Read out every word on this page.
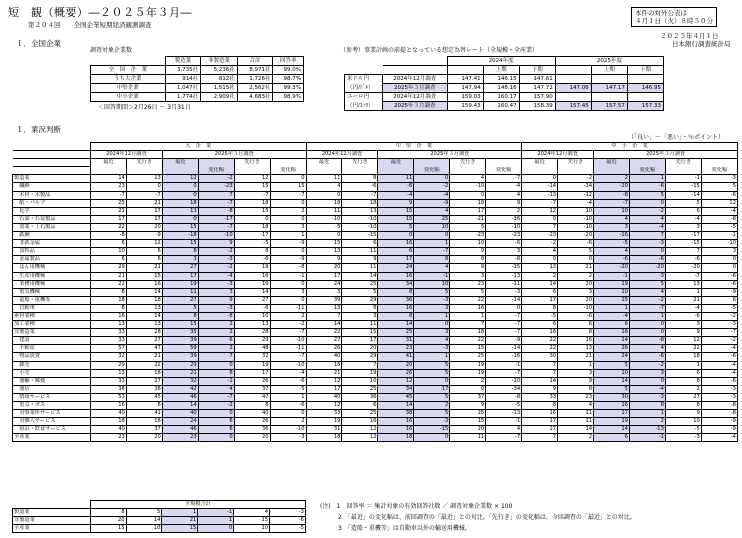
短　観（概要）―２０２５年３月―
第２０４回　　全国企業短期経済観測調査
本件の対外公表は
４月１日（火）８時５０分
２０２５年４月１日
日本銀行調査統計局
Ｉ．全国企業
調査対象企業数
	製造業	非製造業	合計	回答率
全　国　企　業	3,735社	5,236社	8,971社	99.0%
うち大企業	914社	812社	1,726社	98.7%
中堅企業	1,047社	1,515社	2,562社	99.3%
中小企業	1,774社	2,909社	4,683社	98.9%
＜回答期間＞2月26日 ～ 3月31日
（参考）事業計画の前提となっている想定為替レート（全規模・全産業）
		2024年度			2025年度		
			上期	下期		上期	下期
米ドル円	2024年12月調査	147.41	146.15	147.61			
（円/ﾄﾞﾙ）	2025年３月調査	147.94	148.16	147.72	147.06	147.17	146.95
ユーロ円	2024年12月調査	159.03	160.17	157.90			
（円/ﾕｰﾛ）	2025年３月調査	159.43	160.47	158.39	157.45	157.57	157.33
１．業況判断
（「良い」－「悪い」・％ポイント）
	大　企　業						中　堅　企　業						中　小　企　業					
	2024年12月調査		2025年３月調査				2024年12月調査		2025年３月調査				2024年12月調査		2025年３月調査			
	最近	先行き	最近		先行き		最近	先行き	最近		先行き		最近	先行き	最近		先行き	
				変化幅		変化幅				変化幅		変化幅				変化幅		変化幅
製造業	14	13	12	-2	12	0	11	8	11	0	4	-7	0	-2	2	1	-1	-3
　繊維	23	0	0	-23	15	15	4	-6	-6	-2	-10	-4	-14	-14	-20	-6	-15	5
　木材・木製品	-7	-7	0	7	-7	-7	0	-7	-4	-4	0	4	-13	-12	-8	5	-14	-6
　紙・パルプ	25	21	18	-7	18	0	18	18	9	-9	18	9	-7	-4	-7	0	5	12
　化学	21	17	13	-8	15	2	11	13	15	4	17	2	12	10	10	-2	6	-4
　石油・石炭製品	17	17	0	-17	0	0	-10	-10	15	25	-21	-36	0	-10	4	4	-4	-8
　窯業・土石製品	22	20	15	-7	18	3	-5	-10	5	10	5	-10	7	-10	3	-4	3	-5
　鉄鋼	-8	-9	-18	-10	-17	1	0	-15	0	0	-23	-23	-23	-20	-16	7	-17	-1
　非鉄金属	6	12	15	9	-5	-9	15	6	16	1	10	-6	-2	-6	-5	-3	-15	-10
　食料品	10	6	8	-2	8	0	13	11	6	-7	9	3	4	5	4	0	7	3
　金属製品	6	6	3	-3	-6	-9	9	9	17	8	8	-8	0	0	-6	-6	-6	0
　はん用機械	29	21	27	-2	19	-8	20	11	24	4	9	-15	13	21	-20	-20	-20	0
　生産用機械	21	15	17	-4	16	-1	17	14	16	-1	3	-13	2	2	-1	-3	-7	-6
　業務用機械	22	16	19	-3	19	0	24	25	34	10	23	-11	14	20	19	5	13	-6
　電気機械	8	14	11	3	14	3	3	5	8	5	5	-3	6	3	10	4	1	-9
　造船・重機等	18	18	27	9	27	0	39	29	36	-3	22	-14	17	20	15	-2	21	6
　自動車	8	13	5	-3	-6	-11	13	8	16	3	16	0	8	-10	1	-7	-4	-5
素材業種	16	14	8	-8	10	2	7	3	8	1	1	-7	-5	-6	-4	1	-6	-2
加工業種	13	13	15	2	13	-2	14	11	14	0	7	-7	6	6	6	0	3	-3
非製造業	33	28	35	2	28	-7	22	15	25	3	18	-7	16	8	16	0	9	-7
　建設	33	27	39	6	29	-10	27	17	31	4	22	-9	22	16	14	-8	12	-2
　不動産	57	47	59	2	48	-11	26	20	23	-3	15	-14	22	13	26	4	22	-4
　物品賃貸	32	21	39	7	32	-7	40	29	41	1	25	-16	30	21	24	-6	18	-6
　卸売	29	22	29	0	19	-10	15	7	20	5	19	-1	7	1	5	-2	1	-4
　小売	13	18	21	8	17	-4	21	19	26	5	19	-7	7	3	10	3	6	-4
　運輸・郵便	33	27	32	-1	26	-6	12	10	12	0	2	-10	14	9	14	0	8	-6
　通信	38	38	42	4	37	-5	17	25	34	17	0	-34	9	8	5	-4	2	-3
　情報サービス	53	45	46	-7	47	1	40	36	45	5	37	-8	33	23	30	-3	27	-3
　電気・ガス	16	8	14	-2	8	-6	12	6	14	2	9	-5	8	4	16	8	8	-8
　対事業所サービス	40	41	40	0	40	0	33	25	38	5	25	-13	16	11	17	1	9	-8
　対個人サービス	18	18	24	6	26	2	19	16	16	-3	15	-1	17	11	19	2	10	-9
　宿泊・飲食サービス	40	37	46	6	36	-10	31	12	16	-15	20	4	27	14	14	-13	-5	-9
全産業	23	20	23	0	20	-3	18	12	18	0	11	-7	7	2	6	-1	-3	-4
	全規模合計					
製造業	8	5	1	-1	4	-3
非製造業	20	14	21	1	15	-6
全産業	15	10	15	0	10	-5
(注)　1　回答率 ＝ 集計対象の有効回答社数 ／ 調査対象企業数 × 100
2　「最近」の変化幅は、前回調査の「最近」との対比。「先行き」の変化幅は、今回調査の「最近」との対比。
3　「造船・重機等」は自動車以外の輸送用機械。
